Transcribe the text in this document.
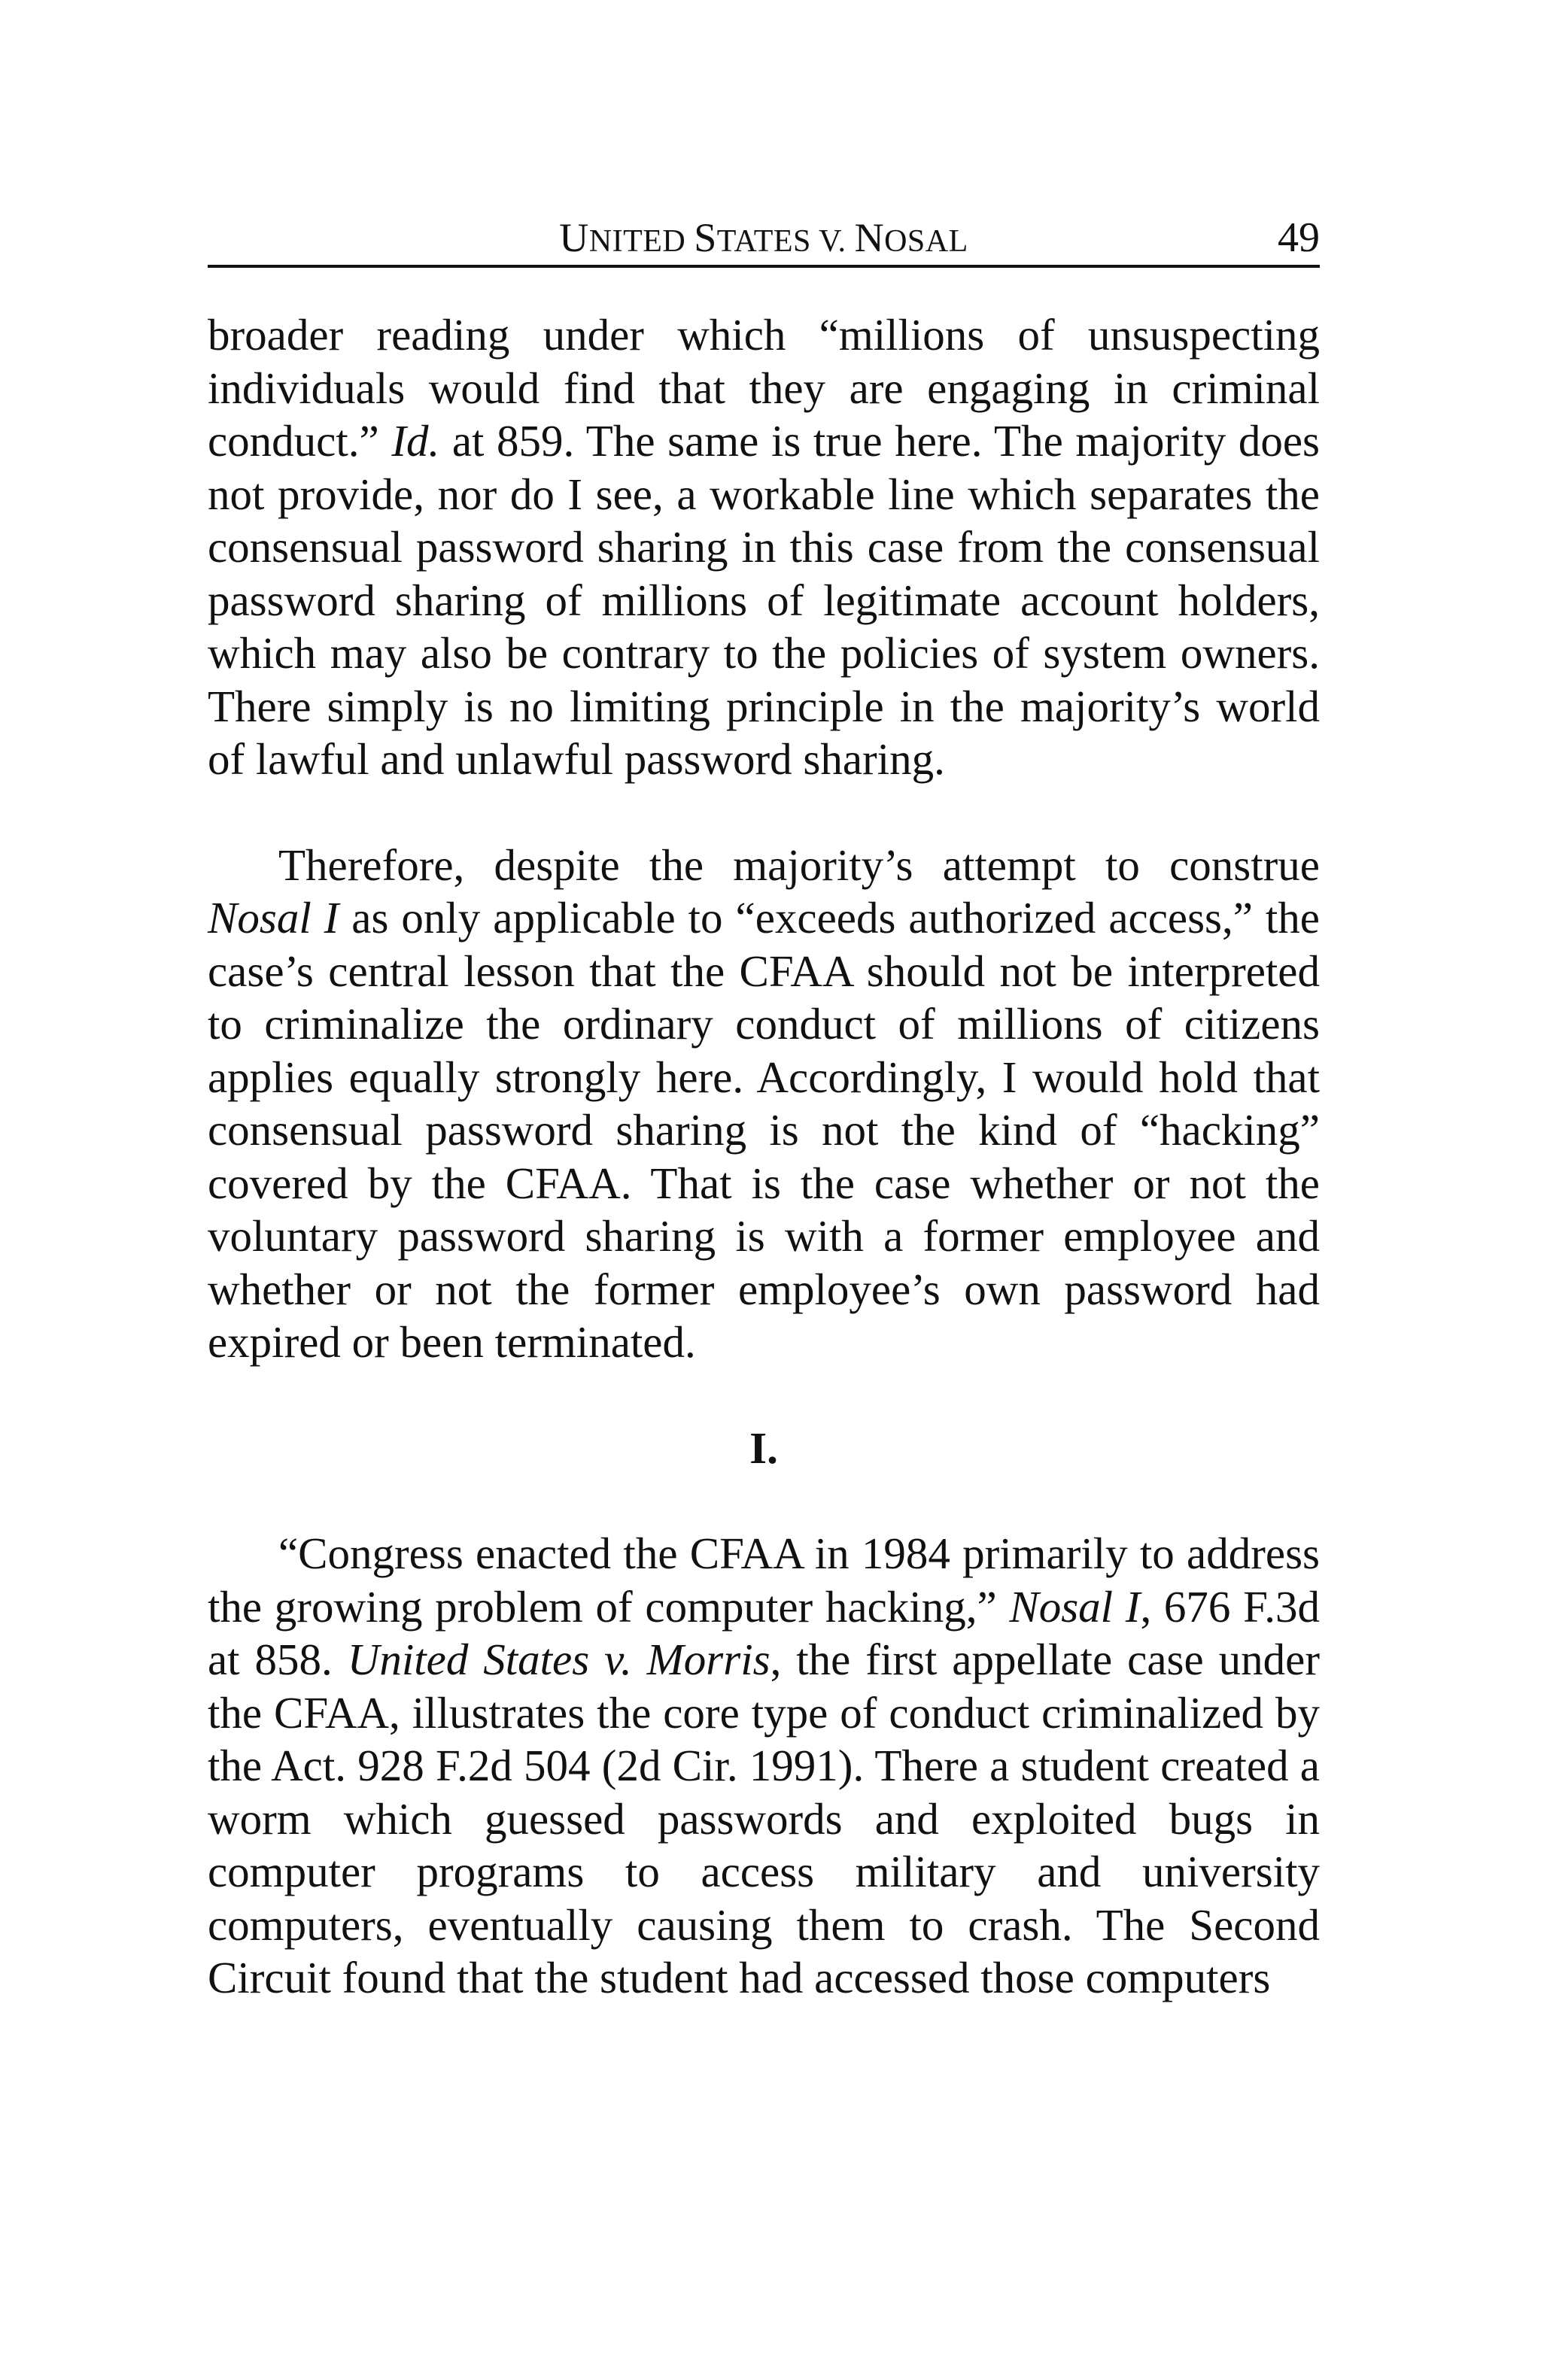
UNITED STATES V. NOSAL	49

broader reading under which “millions of unsuspecting individuals would find that they are engaging in criminal conduct.” Id. at 859. The same is true here. The majority does not provide, nor do I see, a workable line which separates the consensual password sharing in this case from the consensual password sharing of millions of legitimate account holders, which may also be contrary to the policies of system owners. There simply is no limiting principle in the majority’s world of lawful and unlawful password sharing.

Therefore, despite the majority’s attempt to construe Nosal I as only applicable to “exceeds authorized access,” the case’s central lesson that the CFAA should not be interpreted to criminalize the ordinary conduct of millions of citizens applies equally strongly here. Accordingly, I would hold that consensual password sharing is not the kind of “hacking” covered by the CFAA. That is the case whether or not the voluntary password sharing is with a former employee and whether or not the former employee’s own password had expired or been terminated.

I.

“Congress enacted the CFAA in 1984 primarily to address the growing problem of computer hacking,” Nosal I, 676 F.3d at 858. United States v. Morris, the first appellate case under the CFAA, illustrates the core type of conduct criminalized by the Act. 928 F.2d 504 (2d Cir. 1991). There a student created a worm which guessed passwords and exploited bugs in computer programs to access military and university computers, eventually causing them to crash. The Second Circuit found that the student had accessed those computers
